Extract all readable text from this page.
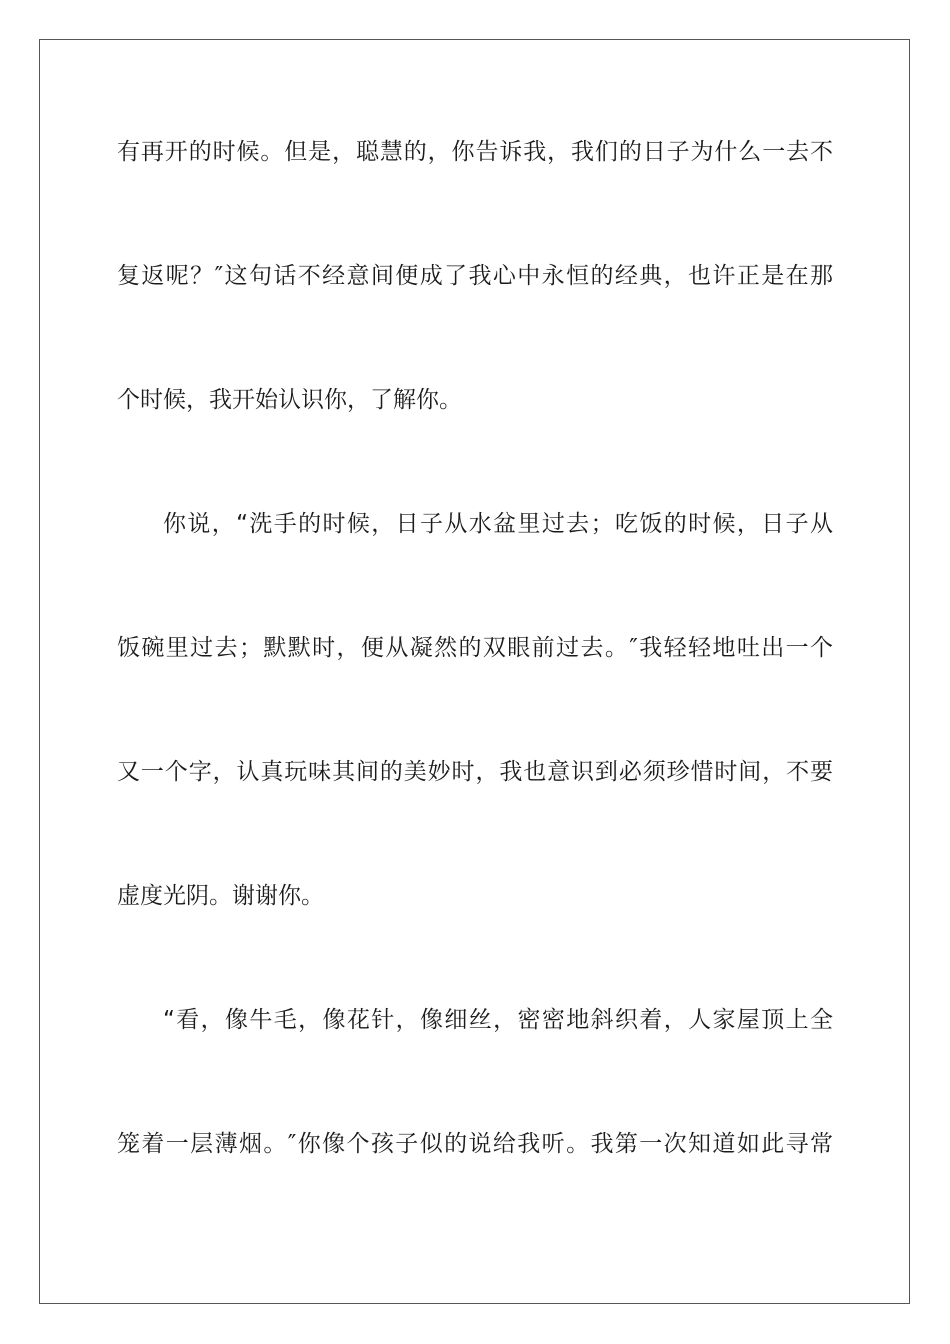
有再开的时候。但是，聪慧的，你告诉我，我们的日子为什么一去不
复返呢？″这句话不经意间便成了我心中永恒的经典，也许正是在那
个时候，我开始认识你，了解你。
你说，“洗手的时候，日子从水盆里过去；吃饭的时候，日子从
饭碗里过去；默默时，便从凝然的双眼前过去。″我轻轻地吐出一个
又一个字，认真玩味其间的美妙时，我也意识到必须珍惜时间，不要
虚度光阴。谢谢你。
“看，像牛毛，像花针，像细丝，密密地斜织着，人家屋顶上全
笼着一层薄烟。″你像个孩子似的说给我听。我第一次知道如此寻常
